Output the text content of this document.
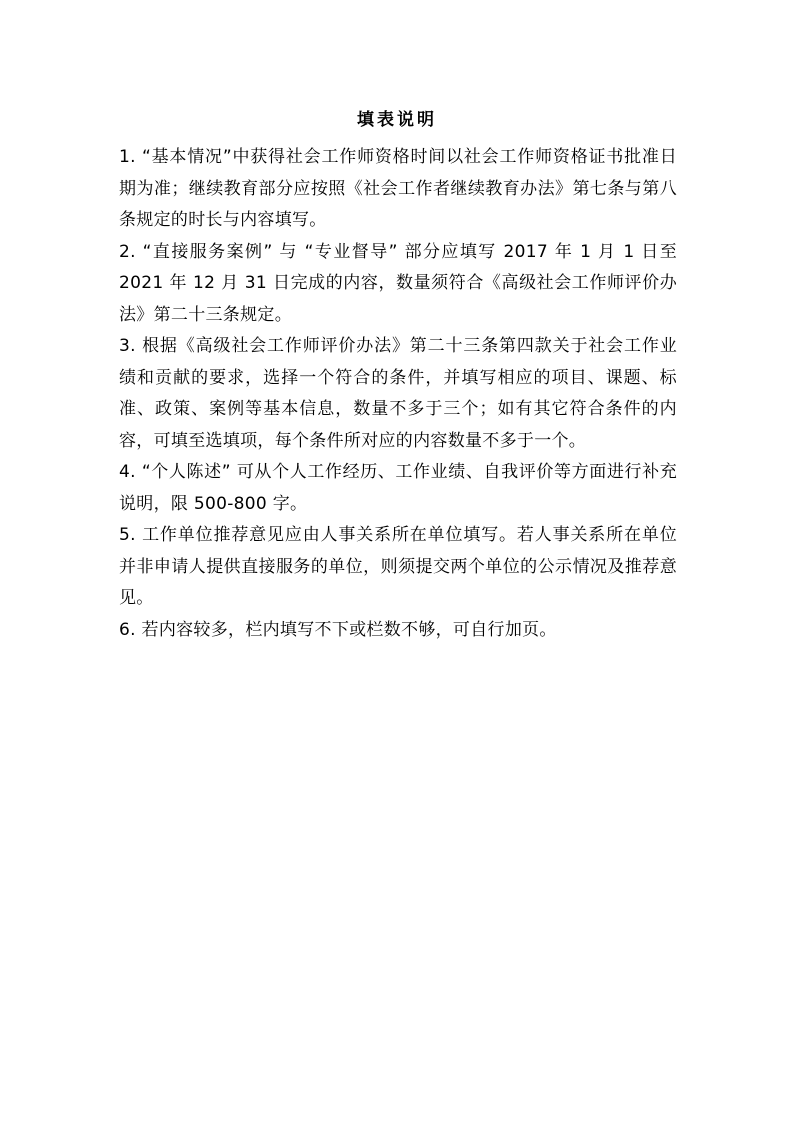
填表说明

1. “基本情况”中获得社会工作师资格时间以社会工作师资格证书批准日期为准；继续教育部分应按照《社会工作者继续教育办法》第七条与第八条规定的时长与内容填写。

2. “直接服务案例” 与 “专业督导” 部分应填写 2017 年 1 月 1 日至 2021 年 12 月 31 日完成的内容，数量须符合《高级社会工作师评价办法》第二十三条规定。

3. 根据《高级社会工作师评价办法》第二十三条第四款关于社会工作业绩和贡献的要求，选择一个符合的条件，并填写相应的项目、课题、标准、政策、案例等基本信息，数量不多于三个；如有其它符合条件的内容，可填至选填项，每个条件所对应的内容数量不多于一个。

4. “个人陈述” 可从个人工作经历、工作业绩、自我评价等方面进行补充说明，限 500-800 字。

5. 工作单位推荐意见应由人事关系所在单位填写。若人事关系所在单位并非申请人提供直接服务的单位，则须提交两个单位的公示情况及推荐意见。

6. 若内容较多，栏内填写不下或栏数不够，可自行加页。
